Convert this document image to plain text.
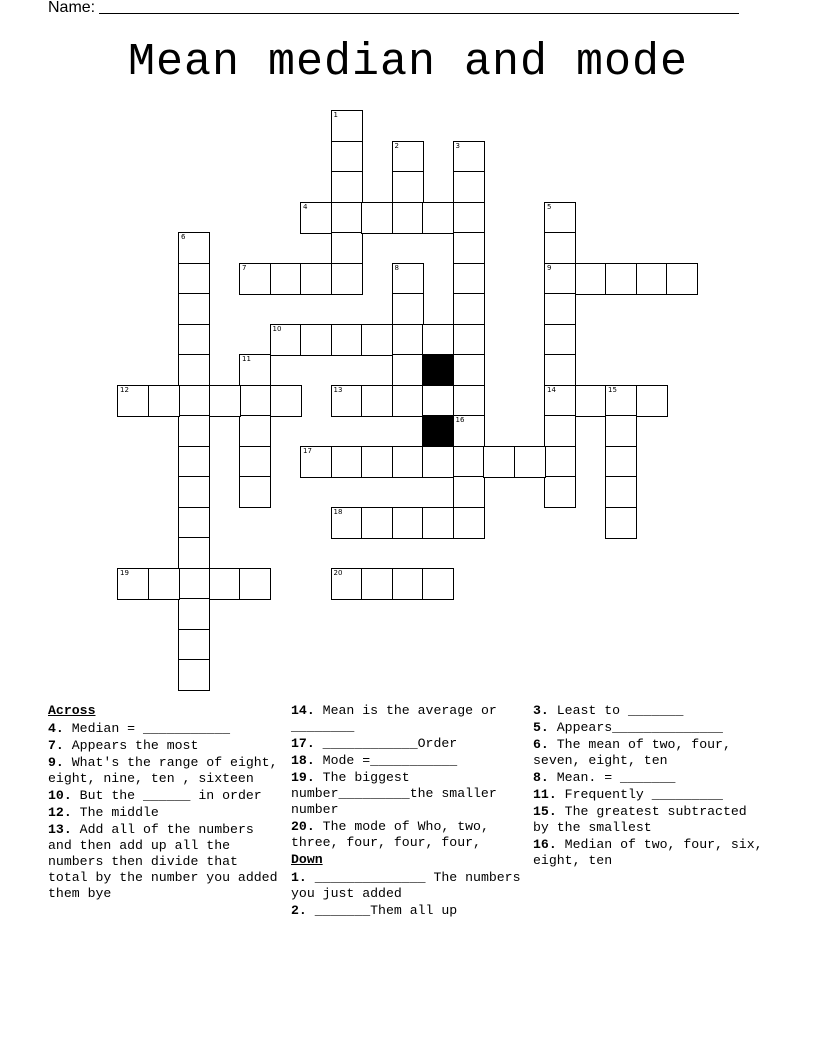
Name:
Mean median and mode
1
2	3
4	5
9
14
6
7	8
10
11
12	13	15
16
17
18
19	20
Across
4. Median = ___________
7. Appears the most
9. What's the range of eight, eight, nine, ten , sixteen
10. But the ______ in order
12. The middle
13. Add all of the numbers and then add up all the numbers then divide that total by the number you added them bye
14. Mean is the average or ________
17. ____________Order
18. Mode =___________
19. The biggest number_________the smaller number
20. The mode of Who, two, three, four, four, four,
Down
1. ______________ The numbers you just added
2. _______Them all up
3. Least to _______
5. Appears______________
6. The mean of two, four, seven, eight, ten
8. Mean. = _______
11. Frequently _________
15. The greatest subtracted by the smallest
16. Median of two, four, six, eight, ten
